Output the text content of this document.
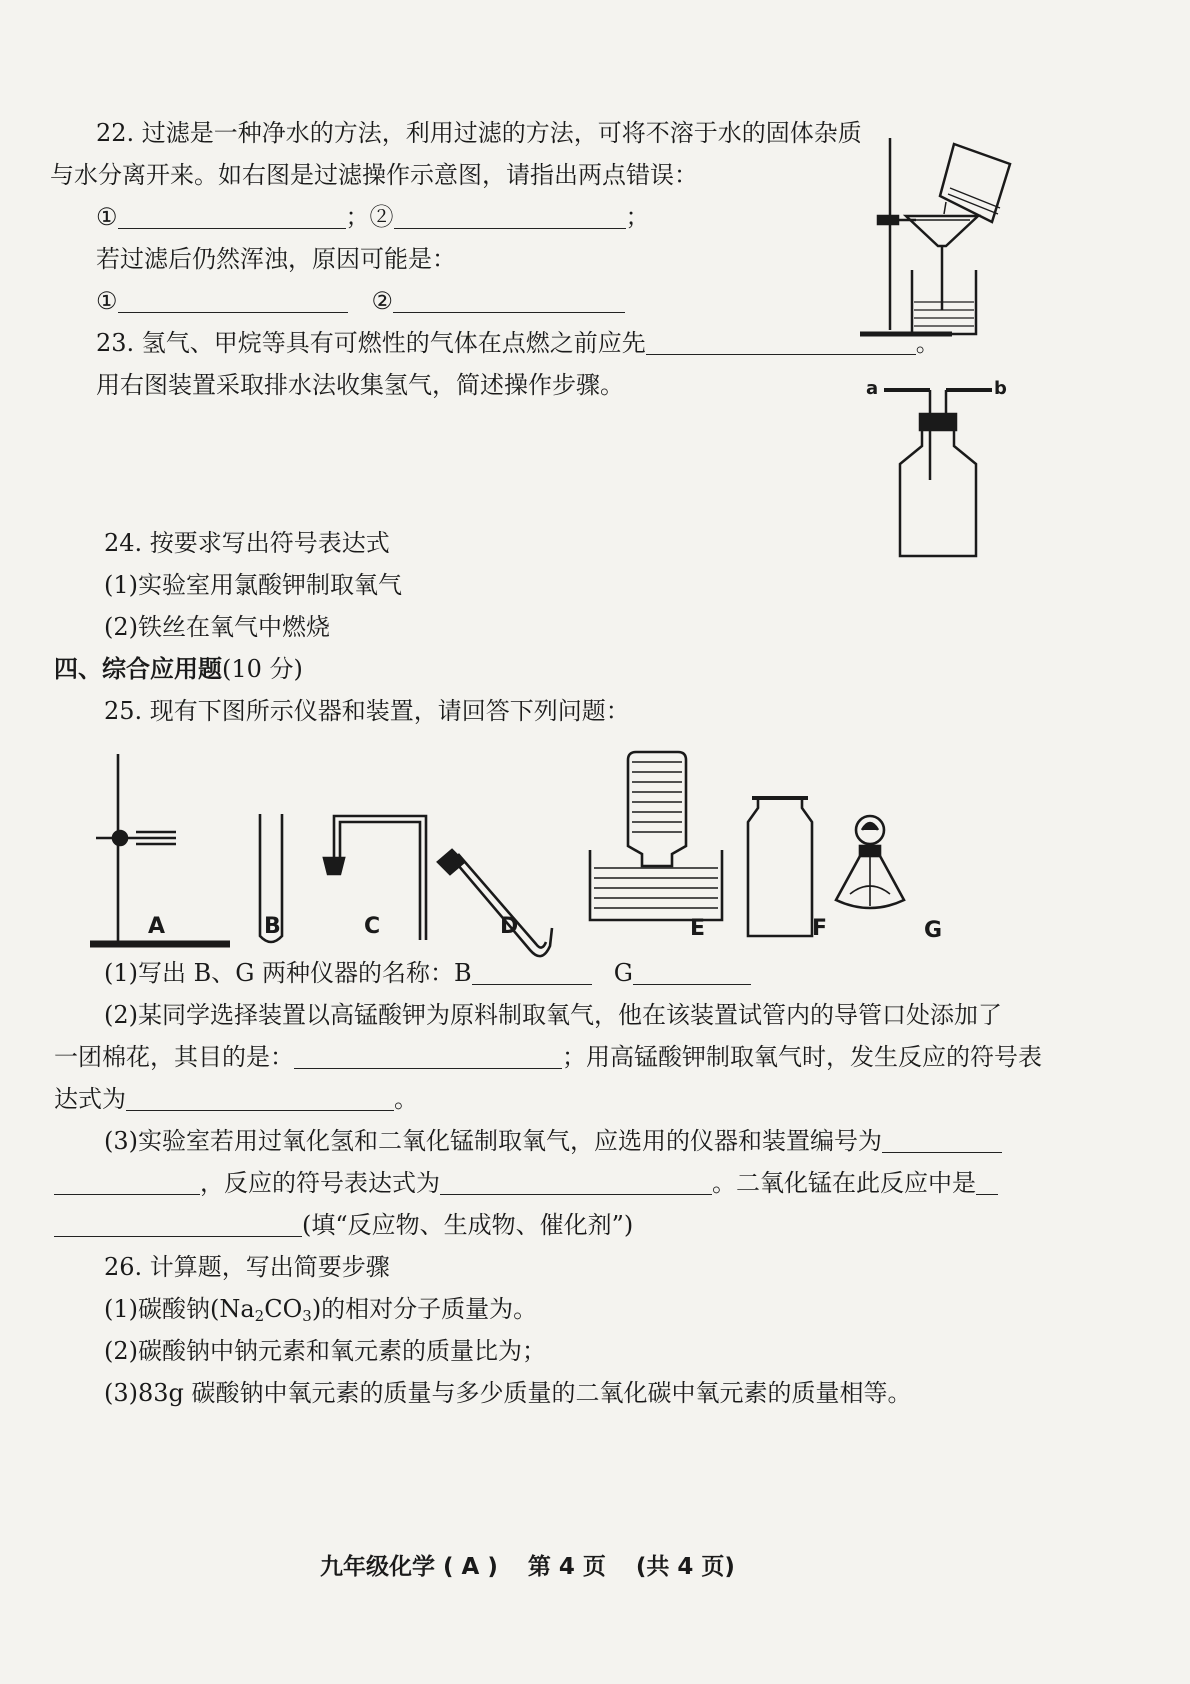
22. 过滤是一种净水的方法，利用过滤的方法，可将不溶于水的固体杂质
与水分离开来。如右图是过滤操作示意图，请指出两点错误：
①	；②	；
若过滤后仍然浑浊，原因可能是：
①	②
23. 氢气、甲烷等具有可燃性的气体在点燃之前应先	。
用右图装置采取排水法收集氢气，简述操作步骤。	a	b
24. 按要求写出符号表达式
(1)实验室用氯酸钾制取氧气
(2)铁丝在氧气中燃烧
四、综合应用题(10 分)
25. 现有下图所示仪器和装置，请回答下列问题：
A	B	C	D	E	F	G
(1)写出 B、G 两种仪器的名称：B	G
(2)某同学选择装置以高锰酸钾为原料制取氧气，他在该装置试管内的导管口处添加了
一团棉花，其目的是：	；用高锰酸钾制取氧气时，发生反应的符号表
达式为	。
(3)实验室若用过氧化氢和二氧化锰制取氧气，应选用的仪器和装置编号为
，反应的符号表达式为	。二氧化锰在此反应中是
(填“反应物、生成物、催化剂”)
26. 计算题，写出简要步骤
(1)碳酸钠$(Na_2CO_3)$的相对分子质量为。
(2)碳酸钠中钠元素和氧元素的质量比为；
(3)83g 碳酸钠中氧元素的质量与多少质量的二氧化碳中氧元素的质量相等。
九年级化学 ( A ) 第 4 页 (共 4 页)
